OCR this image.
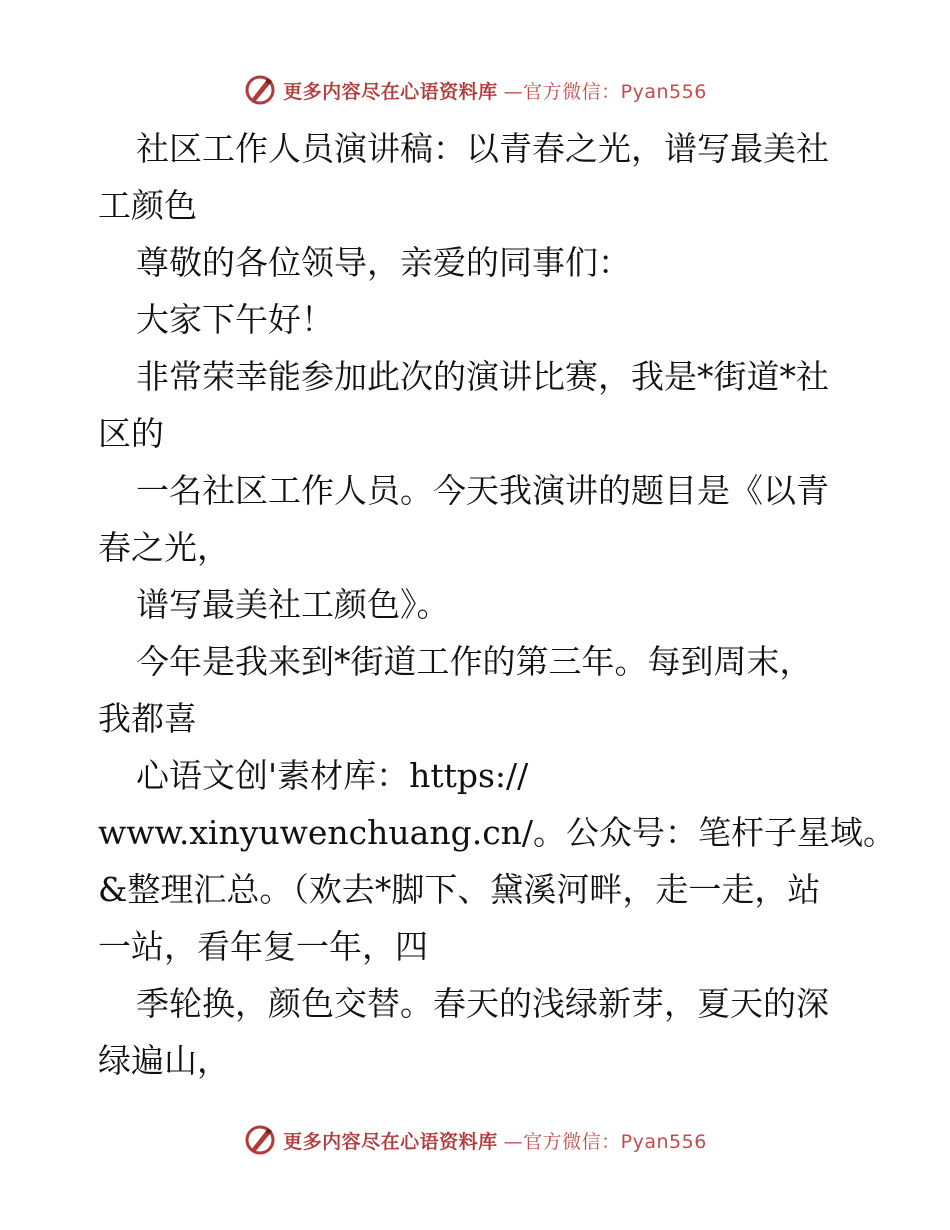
更多内容尽在心语资料库 —官方微信：Pyan556

社区工作人员演讲稿：以青春之光，谱写最美社
工颜色

尊敬的各位领导，亲爱的同事们：

大家下午好！

非常荣幸能参加此次的演讲比赛，我是*街道*社
区的

一名社区工作人员。今天我演讲的题目是《以青
春之光，

谱写最美社工颜色》。

今年是我来到*街道工作的第三年。每到周末，
我都喜

心语文创'素材库：https://
www.xinyuwenchuang.cn/。公众号：笔杆子星域。
&整理汇总。（欢去*脚下、黛溪河畔，走一走，站
一站，看年复一年，四

季轮换，颜色交替。春天的浅绿新芽，夏天的深
绿遍山，

更多内容尽在心语资料库 —官方微信：Pyan556
